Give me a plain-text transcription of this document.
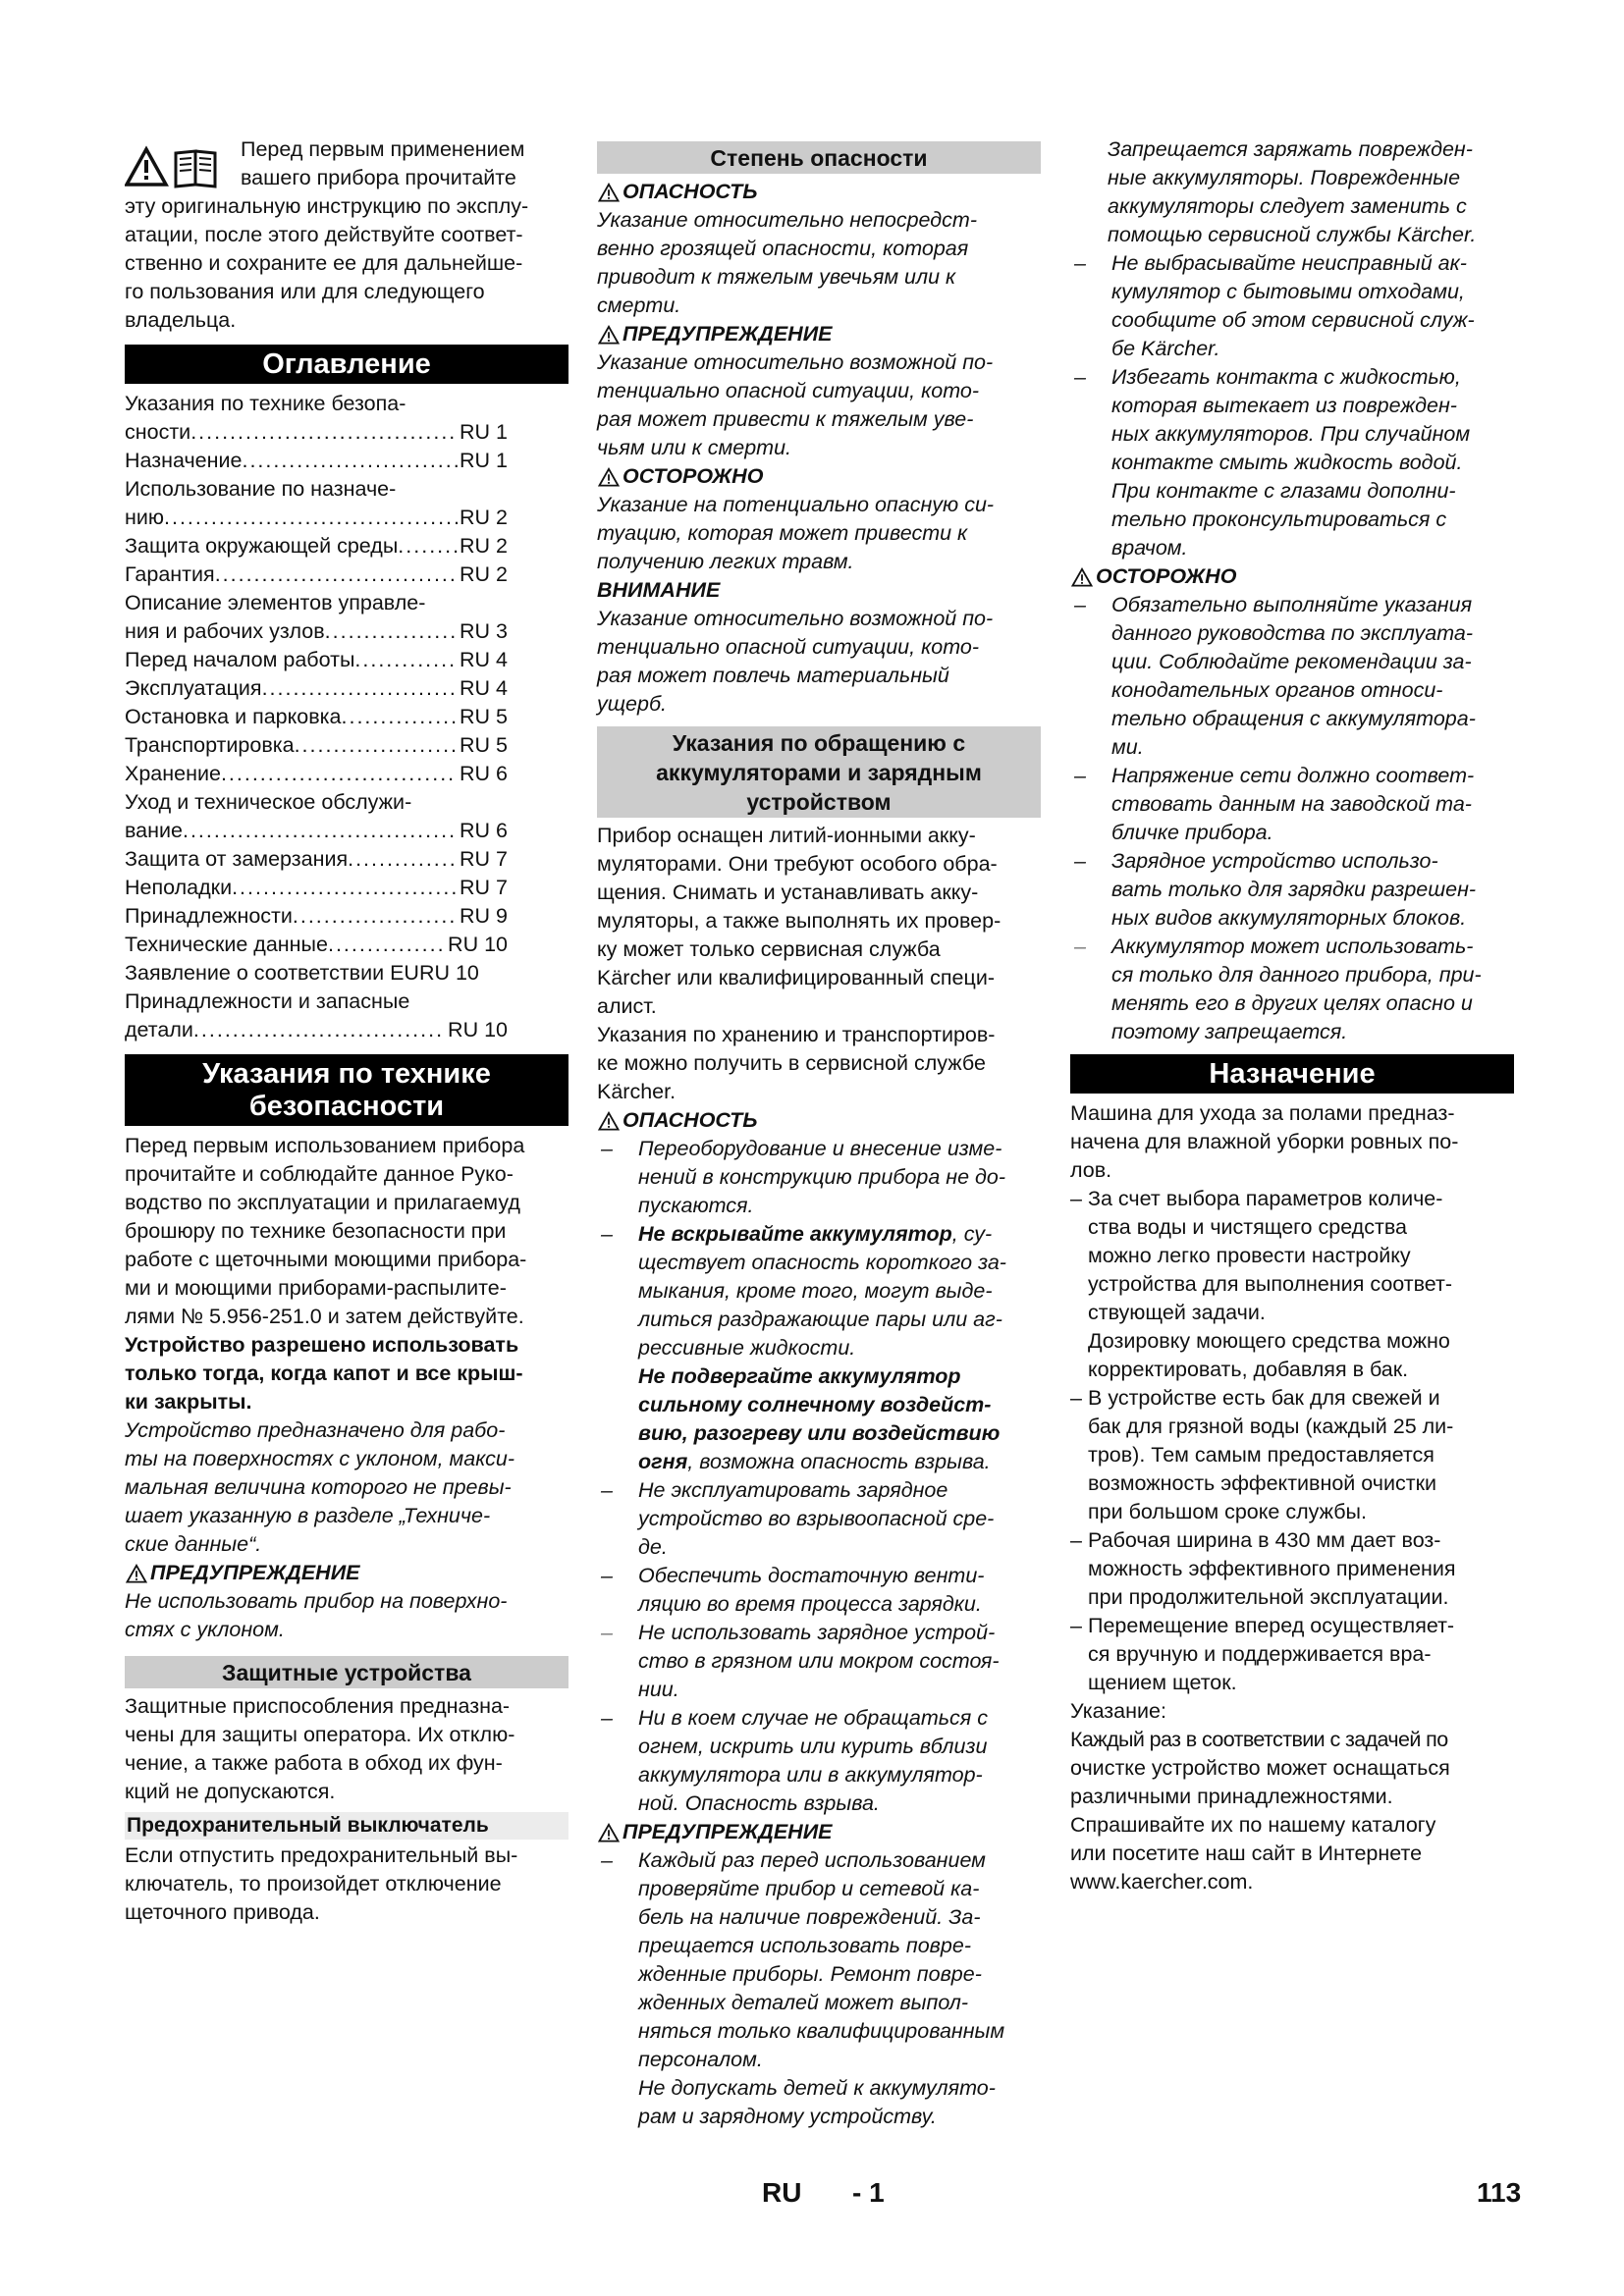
Перед первым применением

вашего прибора прочитайте

эту оригинальную инструкцию по эксплу-

атации, после этого действуйте соответ-

ственно и сохраните ее для дальнейше-

го пользования или для следующего

владельца.

Оглавление

Указания по технике безопа-

сности .....	RU 1
Назначение .....	RU 1

Использование по назначе-

нию .....	RU 2
Защита окружающей среды .....	RU 2
Гарантия .....	RU 2

Описание элементов управле-

ния и рабочих узлов .....	RU 3
Перед началом работы .....	RU 4
Эксплуатация .....	RU 4
Остановка и парковка .....	RU 5
Транспортировка .....	RU 5
Хранение .....	RU 6

Уход и техническое обслужи-

вание .....	RU 6
Защита от замерзания .....	RU 7
Неполадки .....	RU 7
Принадлежности .....	RU 9
Технические данные .....	RU 10
Заявление о соответствии EU RU 10

Принадлежности и запасные

детали .....	RU 10
Указания по технике
безопасности

Перед первым использованием прибора

прочитайте и соблюдайте данное Руко-

водство по эксплуатации и прилагаемуд

брошюру по технике безопасности при

работе с щеточными моющими прибора-

ми и моющими приборами-распылите-

лями № 5.956-251.0 и затем действуйте.

Устройство разрешено использовать

только тогда, когда капот и все крыш-

ки закрыты.

Устройство предназначено для рабо-

ты на поверхностях с уклоном, макси-

мальная величина которого не превы-

шает указанную в разделе „Техниче-

ские данные“.

ПРЕДУПРЕЖДЕНИЕ

Не использовать прибор на поверхно-

стях с уклоном.

Защитные устройства

Защитные приспособления предназна-

чены для защиты оператора. Их отклю-

чение, а также работа в обход их фун-

кций не допускаются.

Предохранительный выключатель

Если отпустить предохранительный вы-

ключатель, то произойдет отключение

щеточного привода.

Степень опасности
ОПАСНОСТЬ

Указание относительно непосредст-

венно грозящей опасности, которая

приводит к тяжелым увечьям или к

смерти.

ПРЕДУПРЕЖДЕНИЕ

Указание относительно возможной по-

тенциально опасной ситуации, кото-

рая может привести к тяжелым уве-

чьям или к смерти.

ОСТОРОЖНО

Указание на потенциально опасную си-

туацию, которая может привести к

получению легких травм.

ВНИМАНИЕ

Указание относительно возможной по-

тенциально опасной ситуации, кото-

рая может повлечь материальный

ущерб.

Указания по обращению с
аккумуляторами и зарядным
устройством

Прибор оснащен литий-ионными акку-

муляторами. Они требуют особого обра-

щения. Снимать и устанавливать акку-

муляторы, а также выполнять их провер-

ку может только сервисная служба

Kärcher или квалифицированный специ-

алист.

Указания по хранению и транспортиров-

ке можно получить в сервисной службе

Kärcher.

ОПАСНОСТЬ
–	Переоборудование и внесение изме-

нений в конструкцию прибора не до-

пускаются.

–	Не вскрывайте аккумулятор, су-

ществует опасность короткого за-

мыкания, кроме того, могут выде-

литься раздражающие пары или аг-

рессивные жидкости.

Не подвергайте аккумулятор

сильному солнечному воздейст-

вию, разогреву или воздействию

огня, возможна опасность взрыва.

–	Не эксплуатировать зарядное

устройство во взрывоопасной сре-

де.

–	Обеспечить достаточную венти-

ляцию во время процесса зарядки.

–	Не использовать зарядное устрой-

ство в грязном или мокром состоя-

нии.

–	Ни в коем случае не обращаться с

огнем, искрить или курить вблизи

аккумулятора или в аккумулятор-

ной. Опасность взрыва.

ПРЕДУПРЕЖДЕНИЕ
–	Каждый раз перед использованием

проверяйте прибор и сетевой ка-

бель на наличие повреждений. За-

прещается использовать повре-

жденные приборы. Ремонт повре-

жденных деталей может выпол-

няться только квалифицированным

персоналом.

Не допускать детей к аккумулято-

рам и зарядному устройству.

Запрещается заряжать поврежден-

ные аккумуляторы. Поврежденные

аккумуляторы следует заменить с

помощью сервисной службы Kärcher.

–	Не выбрасывайте неисправный ак-

кумулятор с бытовыми отходами,

сообщите об этом сервисной служ-

бе Kärcher.

–	Избегать контакта с жидкостью,

которая вытекает из поврежден-

ных аккумуляторов. При случайном

контакте смыть жидкость водой.

При контакте с глазами дополни-

тельно проконсультироваться с

врачом.

ОСТОРОЖНО
–	Обязательно выполняйте указания

данного руководства по эксплуата-

ции. Соблюдайте рекомендации за-

конодательных органов относи-

тельно обращения с аккумулятора-

ми.

–	Напряжение сети должно соответ-

ствовать данным на заводской та-

бличке прибора.

–	Зарядное устройство использо-

вать только для зарядки разрешен-

ных видов аккумуляторных блоков.

–	Аккумулятор может использовать-

ся только для данного прибора, при-

менять его в других целях опасно и

поэтому запрещается.

Назначение

Машина для ухода за полами предназ-

начена для влажной уборки ровных по-

лов.

– За счет выбора параметров количе-

ства воды и чистящего средства

можно легко провести настройку

устройства для выполнения соответ-

ствующей задачи.

Дозировку моющего средства можно

корректировать, добавляя в бак.

– В устройстве есть бак для свежей и

бак для грязной воды (каждый 25 ли-

тров). Тем самым предоставляется

возможность эффективной очистки

при большом сроке службы.

– Рабочая ширина в 430 мм дает воз-

можность эффективного применения

при продолжительной эксплуатации.

– Перемещение вперед осуществляет-

ся вручную и поддерживается вра-

щением щеток.

Указание:

Каждый раз в соответствии с задачей по

очистке устройство может оснащаться

различными принадлежностями.

Спрашивайте их по нашему каталогу

или посетите наш сайт в Интернете

www.kaercher.com.

RU - 1	113
